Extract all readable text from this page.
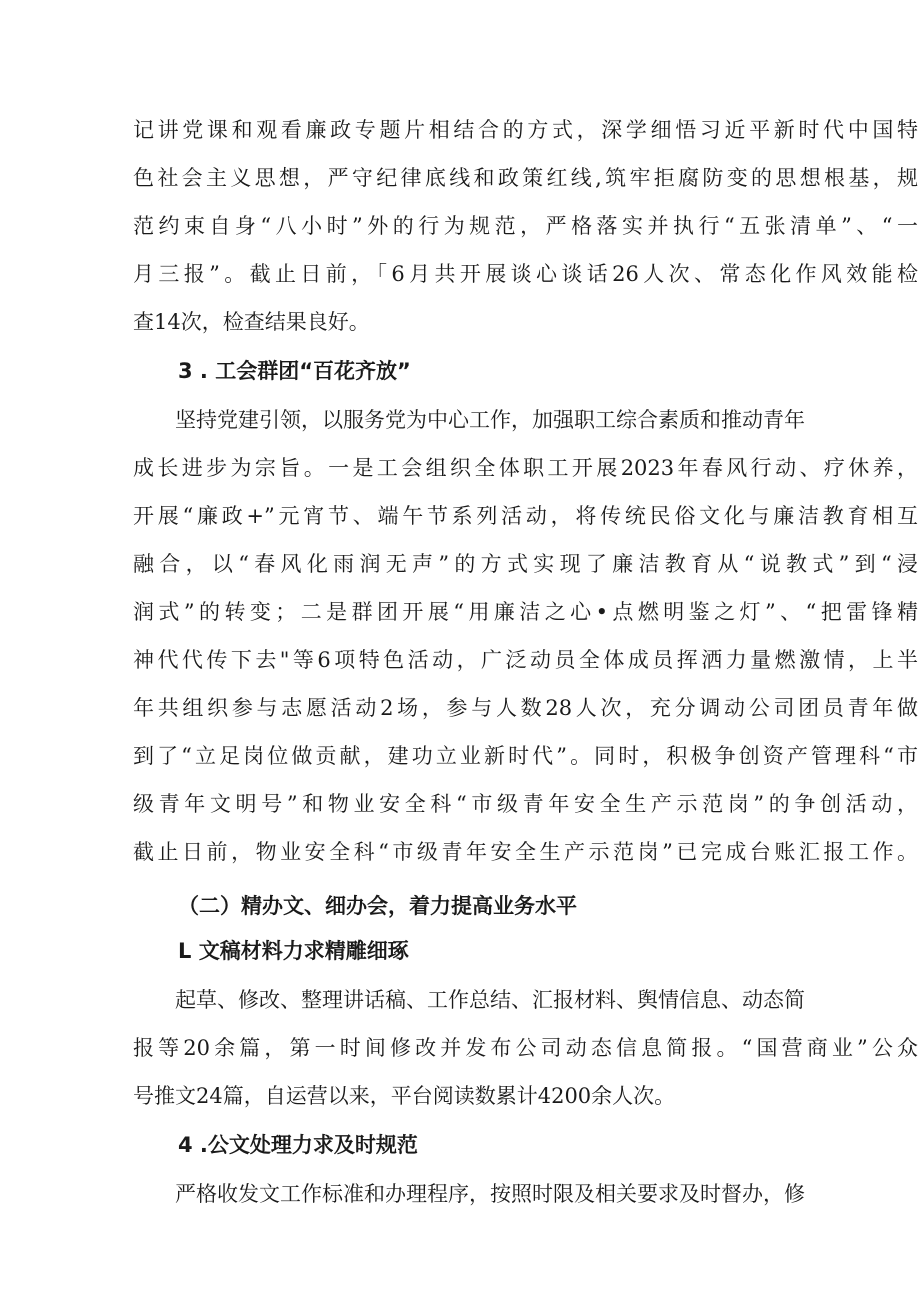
记讲党课和观看廉政专题片相结合的方式，深学细悟习近平新时代中国特
色社会主义思想，严守纪律底线和政策红线,筑牢拒腐防变的思想根基，规
范约束自身“八小时”外的行为规范，严格落实并执行“五张清单”、“一
月三报”。截止日前，「6月共开展谈心谈话26人次、常态化作风效能检
查14次，检查结果良好。
3 . 工会群团“百花齐放”
坚持党建引领，以服务党为中心工作，加强职工综合素质和推动青年
成长进步为宗旨。一是工会组织全体职工开展2023年春风行动、疗休养，
开展“廉政+”元宵节、端午节系列活动，将传统民俗文化与廉洁教育相互
融合，以“春风化雨润无声”的方式实现了廉洁教育从“说教式”到“浸
润式”的转变；二是群团开展“用廉洁之心•点燃明鉴之灯”、“把雷锋精
神代代传下去"等6项特色活动，广泛动员全体成员挥洒力量燃激情，上半
年共组织参与志愿活动2场，参与人数28人次，充分调动公司团员青年做
到了“立足岗位做贡献，建功立业新时代”。同时，积极争创资产管理科“市
级青年文明号”和物业安全科“市级青年安全生产示范岗”的争创活动，
截止日前，物业安全科“市级青年安全生产示范岗”已完成台账汇报工作。
（二）精办文、细办会，着力提高业务水平
L 文稿材料力求精雕细琢
起草、修改、整理讲话稿、工作总结、汇报材料、舆情信息、动态简
报等20余篇，第一时间修改并发布公司动态信息简报。“国营商业”公众
号推文24篇，自运营以来，平台阅读数累计4200余人次。
4 .公文处理力求及时规范
严格收发文工作标准和办理程序，按照时限及相关要求及时督办，修
